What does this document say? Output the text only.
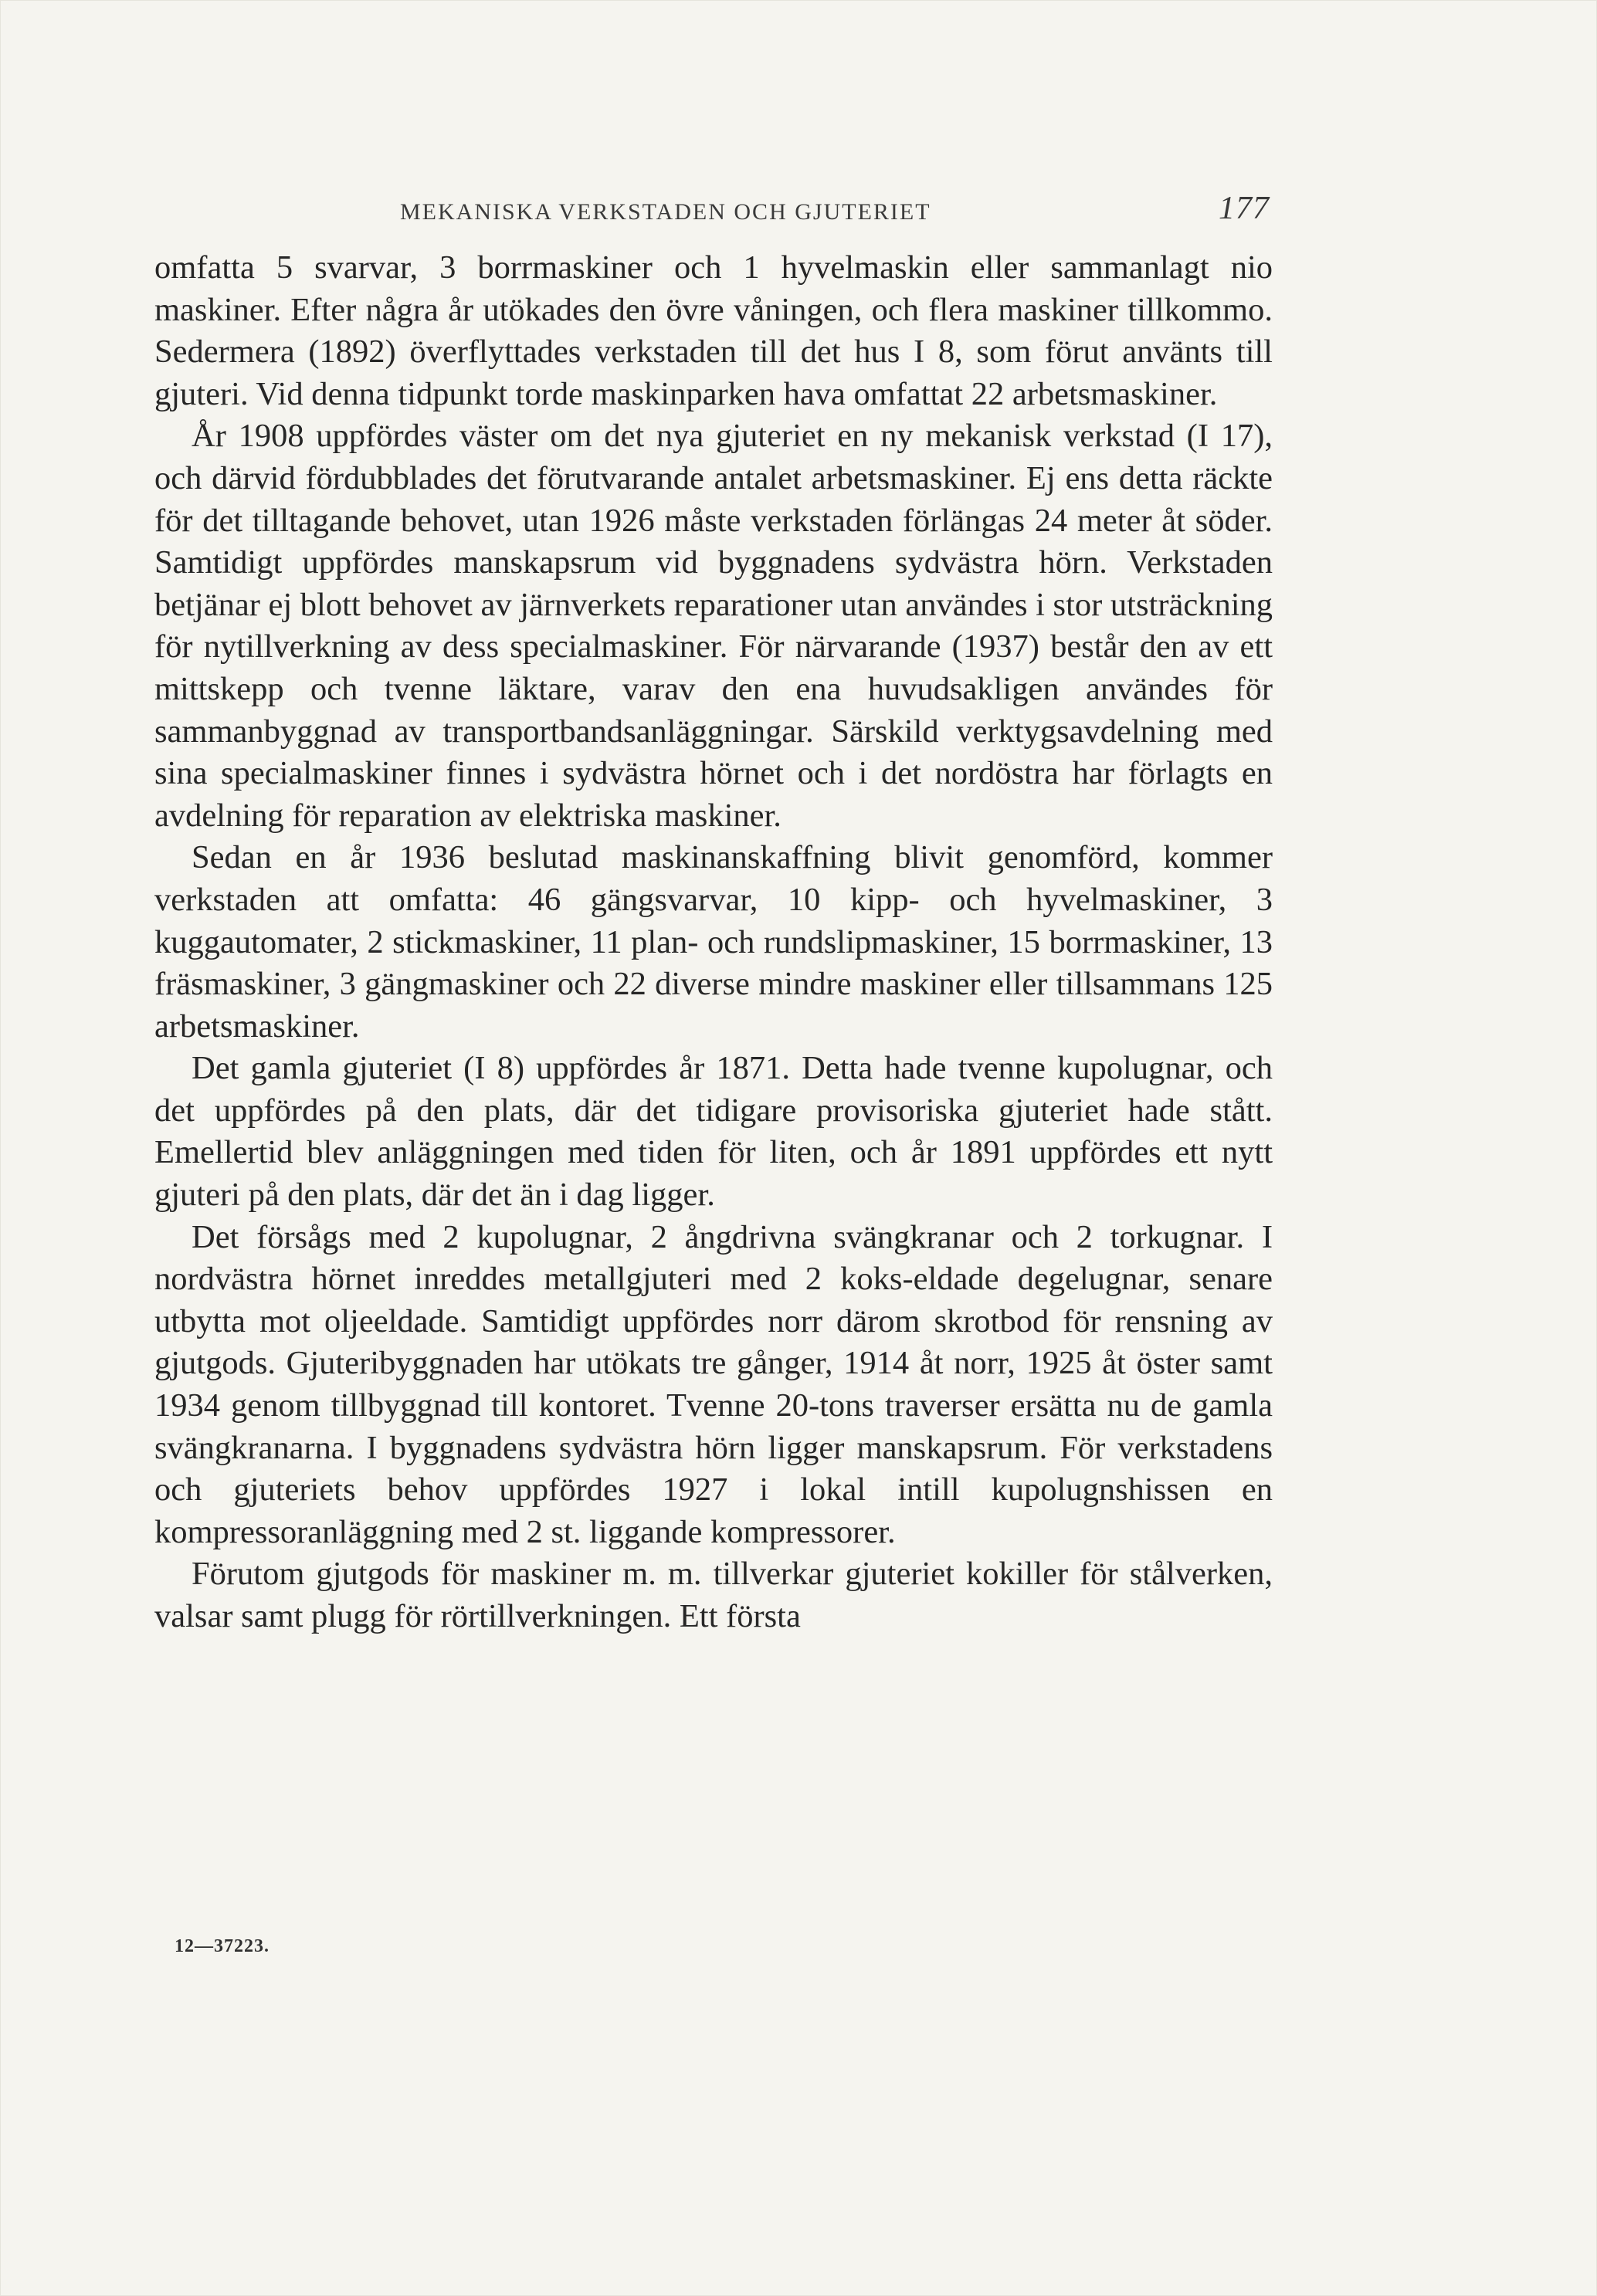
MEKANISKA VERKSTADEN OCH GJUTERIET	177

omfatta 5 svarvar, 3 borrmaskiner och 1 hyvelmaskin eller sammanlagt nio maskiner. Efter några år utökades den övre våningen, och flera maskiner tillkommo. Sedermera (1892) överflyttades verkstaden till det hus I 8, som förut använts till gjuteri. Vid denna tidpunkt torde maskinparken hava omfattat 22 arbetsmaskiner.

År 1908 uppfördes väster om det nya gjuteriet en ny mekanisk verkstad (I 17), och därvid fördubblades det förutvarande antalet arbetsmaskiner. Ej ens detta räckte för det tilltagande behovet, utan 1926 måste verkstaden förlängas 24 meter åt söder. Samtidigt uppfördes manskapsrum vid byggnadens sydvästra hörn. Verkstaden betjänar ej blott behovet av järnverkets reparationer utan användes i stor utsträckning för nytillverkning av dess specialmaskiner. För närvarande (1937) består den av ett mittskepp och tvenne läktare, varav den ena huvudsakligen användes för sammanbyggnad av transportbandsanläggningar. Särskild verktygsavdelning med sina specialmaskiner finnes i sydvästra hörnet och i det nordöstra har förlagts en avdelning för reparation av elektriska maskiner.

Sedan en år 1936 beslutad maskinanskaffning blivit genomförd, kommer verkstaden att omfatta: 46 gängsvarvar, 10 kipp- och hyvelmaskiner, 3 kuggautomater, 2 stickmaskiner, 11 plan- och rundslipmaskiner, 15 borrmaskiner, 13 fräsmaskiner, 3 gängmaskiner och 22 diverse mindre maskiner eller tillsammans 125 arbetsmaskiner.

Det gamla gjuteriet (I 8) uppfördes år 1871. Detta hade tvenne kupolugnar, och det uppfördes på den plats, där det tidigare provisoriska gjuteriet hade stått. Emellertid blev anläggningen med tiden för liten, och år 1891 uppfördes ett nytt gjuteri på den plats, där det än i dag ligger.

Det försågs med 2 kupolugnar, 2 ångdrivna svängkranar och 2 torkugnar. I nordvästra hörnet inreddes metallgjuteri med 2 koks-eldade degelugnar, senare utbytta mot oljeeldade. Samtidigt uppfördes norr därom skrotbod för rensning av gjutgods. Gjuteribyggnaden har utökats tre gånger, 1914 åt norr, 1925 åt öster samt 1934 genom tillbyggnad till kontoret. Tvenne 20-tons traverser ersätta nu de gamla svängkranarna. I byggnadens sydvästra hörn ligger manskapsrum. För verkstadens och gjuteriets behov uppfördes 1927 i lokal intill kupolugnshissen en kompressoranläggning med 2 st. liggande kompressorer.

Förutom gjutgods för maskiner m. m. tillverkar gjuteriet kokiller för stålverken, valsar samt plugg för rörtillverkningen. Ett första

12—37223.
